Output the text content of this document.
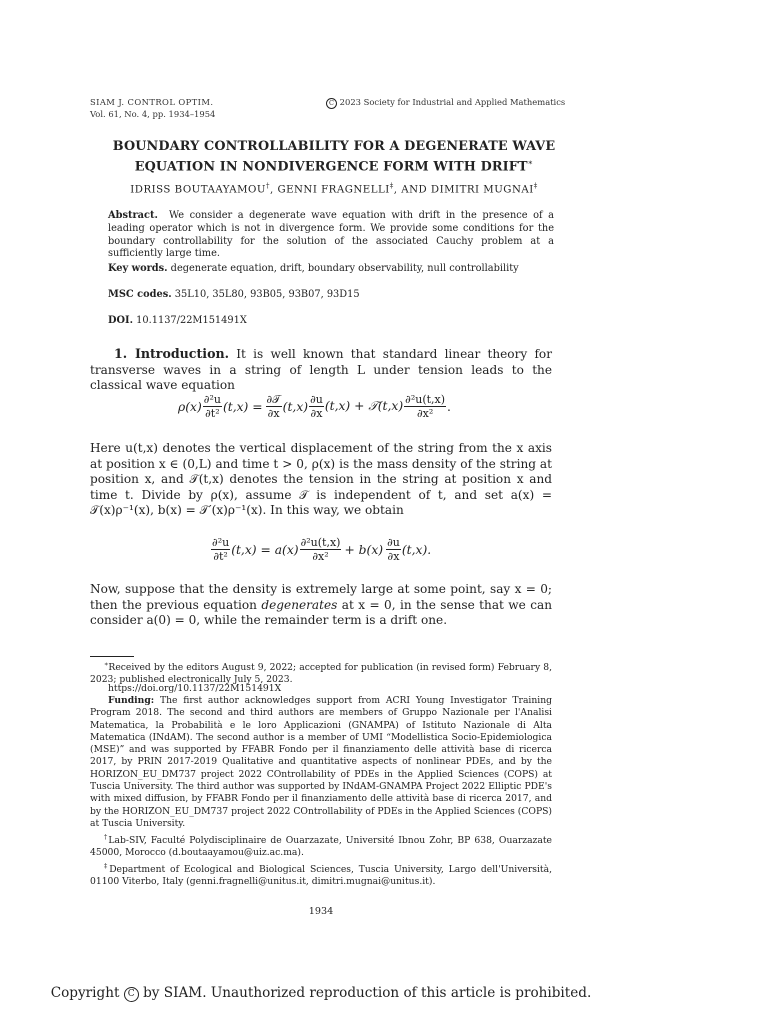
SIAM J. CONTROL OPTIM.
Vol. 61, No. 4, pp. 1934–1954
C 2023 Society for Industrial and Applied Mathematics
BOUNDARY CONTROLLABILITY FOR A DEGENERATE WAVE
EQUATION IN NONDIVERGENCE FORM WITH DRIFT∗
IDRISS BOUTAAYAMOU†, GENNI FRAGNELLI‡, AND DIMITRI MUGNAI‡
Abstract. We consider a degenerate wave equation with drift in the presence of a leading operator which is not in divergence form. We provide some conditions for the boundary controllability for the solution of the associated Cauchy problem at a sufficiently large time.
Key words. degenerate equation, drift, boundary observability, null controllability
MSC codes. 35L10, 35L80, 93B05, 93B07, 93D15
DOI. 10.1137/22M151491X
1. Introduction. It is well known that standard linear theory for transverse waves in a string of length L under tension leads to the classical wave equation
$\rho(x) \frac{\text{∂²u}}{\text{∂t²}} (t,x) = \frac{\text{∂𝒯}}{\partial x} (t,x) \frac{\partial u}{\partial x} (t,x)$ + 𝒯(t,x) $\frac{\text{∂²u(t,x)}}{\text{∂x²}}$ .
Here u(t,x) denotes the vertical displacement of the string from the x axis at position x ∈ (0,L) and time t > 0, ρ(x) is the mass density of the string at position x, and 𝒯(t,x) denotes the tension in the string at position x and time t. Divide by ρ(x), assume 𝒯 is independent of t, and set a(x) = 𝒯(x)ρ⁻¹(x), b(x) = 𝒯′(x)ρ⁻¹(x). In this way, we obtain
$\frac{\text{∂²u}}{\text{∂t²}} (t,x) = a(x) \frac{\text{∂²u(t,x)}}{\text{∂x²}} + b(x) \frac{\partial u}{\partial x} (t,x)$.
Now, suppose that the density is extremely large at some point, say x = 0; then the previous equation degenerates at x = 0, in the sense that we can consider a(0) = 0, while the remainder term is a drift one.
∗Received by the editors August 9, 2022; accepted for publication (in revised form) February 8, 2023; published electronically July 5, 2023.
https://doi.org/10.1137/22M151491X
Funding: The first author acknowledges support from ACRI Young Investigator Training Program 2018. The second and third authors are members of Gruppo Nazionale per l'Analisi Matematica, la Probabilità e le loro Applicazioni (GNAMPA) of Istituto Nazionale di Alta Matematica (INdAM). The second author is a member of UMI “Modellistica Socio-Epidemiologica (MSE)” and was supported by FFABR Fondo per il finanziamento delle attività base di ricerca 2017, by PRIN 2017-2019 Qualitative and quantitative aspects of nonlinear PDEs, and by the HORIZON_EU_DM737 project 2022 COntrollability of PDEs in the Applied Sciences (COPS) at Tuscia University. The third author was supported by INdAM-GNAMPA Project 2022 Elliptic PDE's with mixed diffusion, by FFABR Fondo per il finanziamento delle attività base di ricerca 2017, and by the HORIZON_EU_DM737 project 2022 COntrollability of PDEs in the Applied Sciences (COPS) at Tuscia University.
†Lab-SIV, Faculté Polydisciplinaire de Ouarzazate, Université Ibnou Zohr, BP 638, Ouarzazate 45000, Morocco (d.boutaayamou@uiz.ac.ma).
‡Department of Ecological and Biological Sciences, Tuscia University, Largo dell'Università, 01100 Viterbo, Italy (genni.fragnelli@unitus.it, dimitri.mugnai@unitus.it).
1934
Copyright C by SIAM. Unauthorized reproduction of this article is prohibited.
